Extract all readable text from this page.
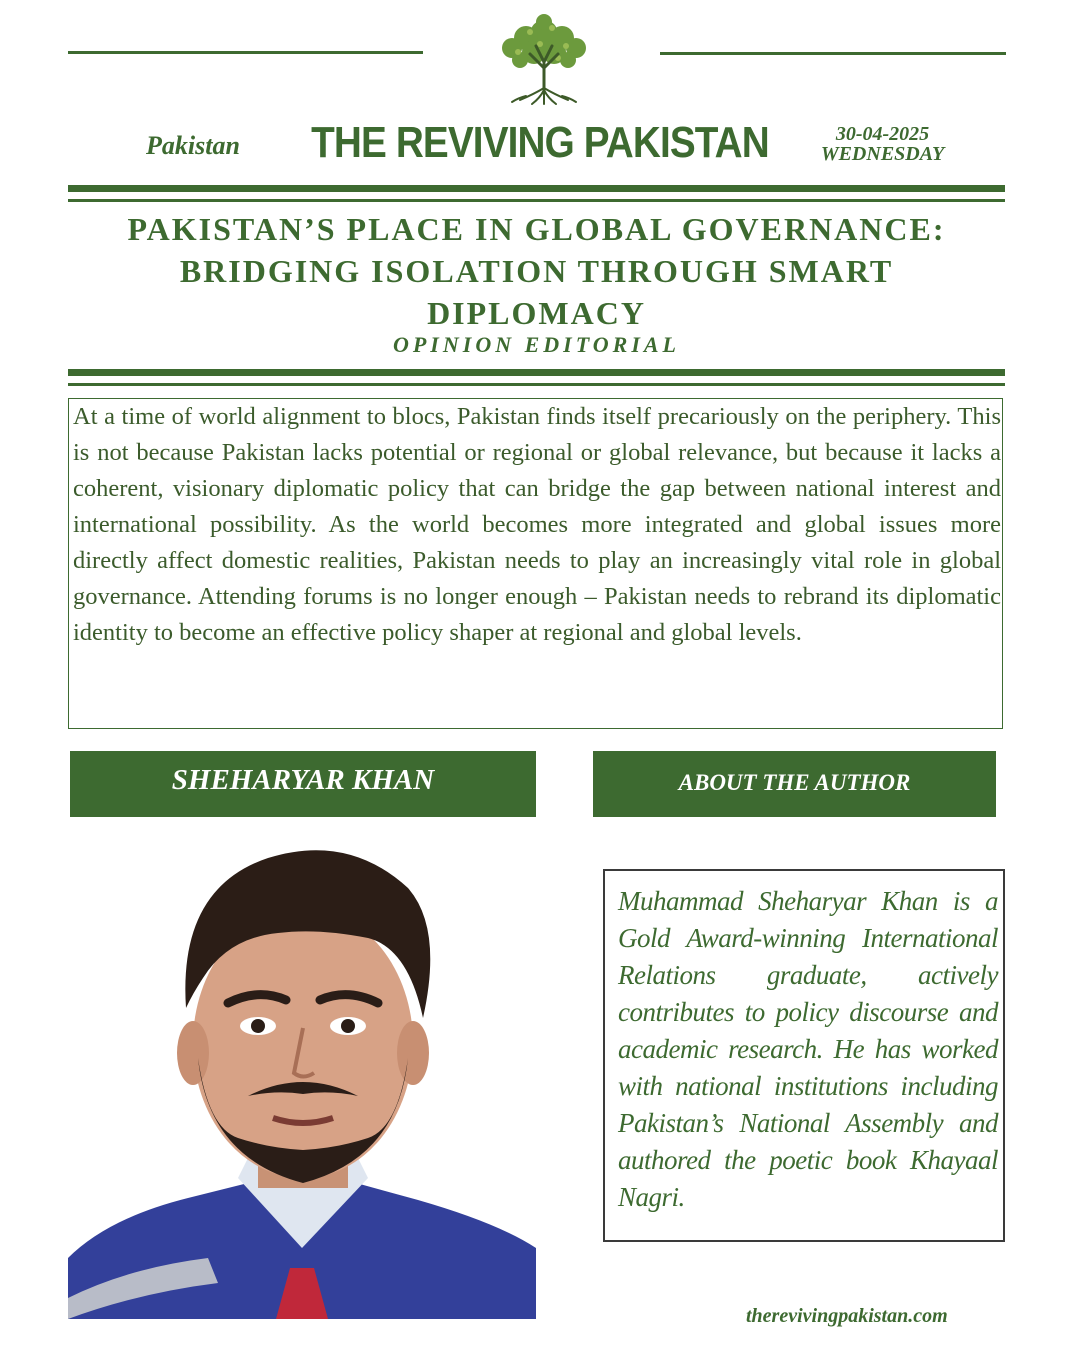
Pakistan	THE REVIVING PAKISTAN	30-04-2025
WEDNESDAY
PAKISTAN’S PLACE IN GLOBAL GOVERNANCE: BRIDGING ISOLATION THROUGH SMART DIPLOMACY
OPINION EDITORIAL
At a time of world alignment to blocs, Pakistan finds itself precariously on the periphery. This is not because Pakistan lacks potential or regional or global relevance, but because it lacks a coherent, visionary diplomatic policy that can bridge the gap between national interest and international possibility. As the world becomes more integrated and global issues more directly affect domestic realities, Pakistan needs to play an increasingly vital role in global governance. Attending forums is no longer enough – Pakistan needs to rebrand its diplomatic identity to become an effective policy shaper at regional and global levels.
SHEHARYAR KHAN	ABOUT THE AUTHOR
Muhammad Sheharyar Khan is a Gold Award-winning International Relations graduate, actively contributes to policy discourse and academic research. He has worked with national institutions including Pakistan’s National Assembly and authored the poetic book Khayaal Nagri.
therevivingpakistan.com
